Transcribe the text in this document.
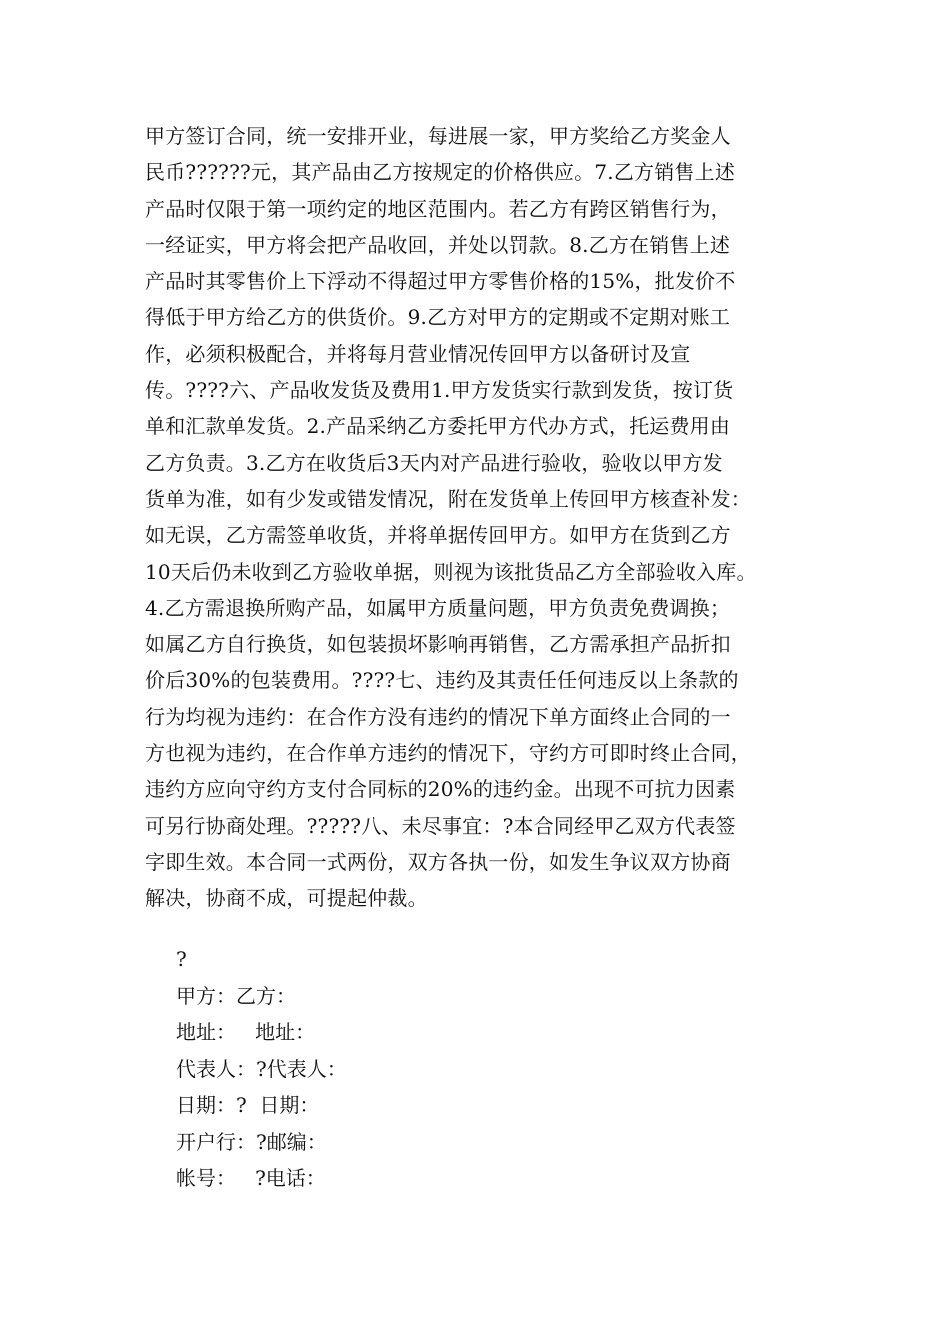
甲方签订合同，统一安排开业，每进展一家，甲方奖给乙方奖金人
民币??????元，其产品由乙方按规定的价格供应。7.乙方销售上述
产品时仅限于第一项约定的地区范围内。若乙方有跨区销售行为，
一经证实，甲方将会把产品收回，并处以罚款。8.乙方在销售上述
产品时其零售价上下浮动不得超过甲方零售价格的15%，批发价不
得低于甲方给乙方的供货价。9.乙方对甲方的定期或不定期对账工
作，必须积极配合，并将每月营业情况传回甲方以备研讨及宣
传。????六、产品收发货及费用1.甲方发货实行款到发货，按订货
单和汇款单发货。2.产品采纳乙方委托甲方代办方式，托运费用由
乙方负责。3.乙方在收货后3天内对产品进行验收，验收以甲方发
货单为准，如有少发或错发情况，附在发货单上传回甲方核查补发：
如无误，乙方需签单收货，并将单据传回甲方。如甲方在货到乙方
10天后仍未收到乙方验收单据，则视为该批货品乙方全部验收入库。
4.乙方需退换所购产品，如属甲方质量问题，甲方负责免费调换；
如属乙方自行换货，如包装损坏影响再销售，乙方需承担产品折扣
价后30%的包装费用。????七、违约及其责任任何违反以上条款的
行为均视为违约：在合作方没有违约的情况下单方面终止合同的一
方也视为违约，在合作单方违约的情况下，守约方可即时终止合同，
违约方应向守约方支付合同标的20%的违约金。出现不可抗力因素
可另行协商处理。?????八、未尽事宜：?本合同经甲乙双方代表签
字即生效。本合同一式两份，双方各执一份，如发生争议双方协商
解决，协商不成，可提起仲裁。
?
甲方：乙方：
地址：   地址：
代表人：?代表人：
日期：?  日期：
开户行：?邮编：
帐号：   ?电话：
